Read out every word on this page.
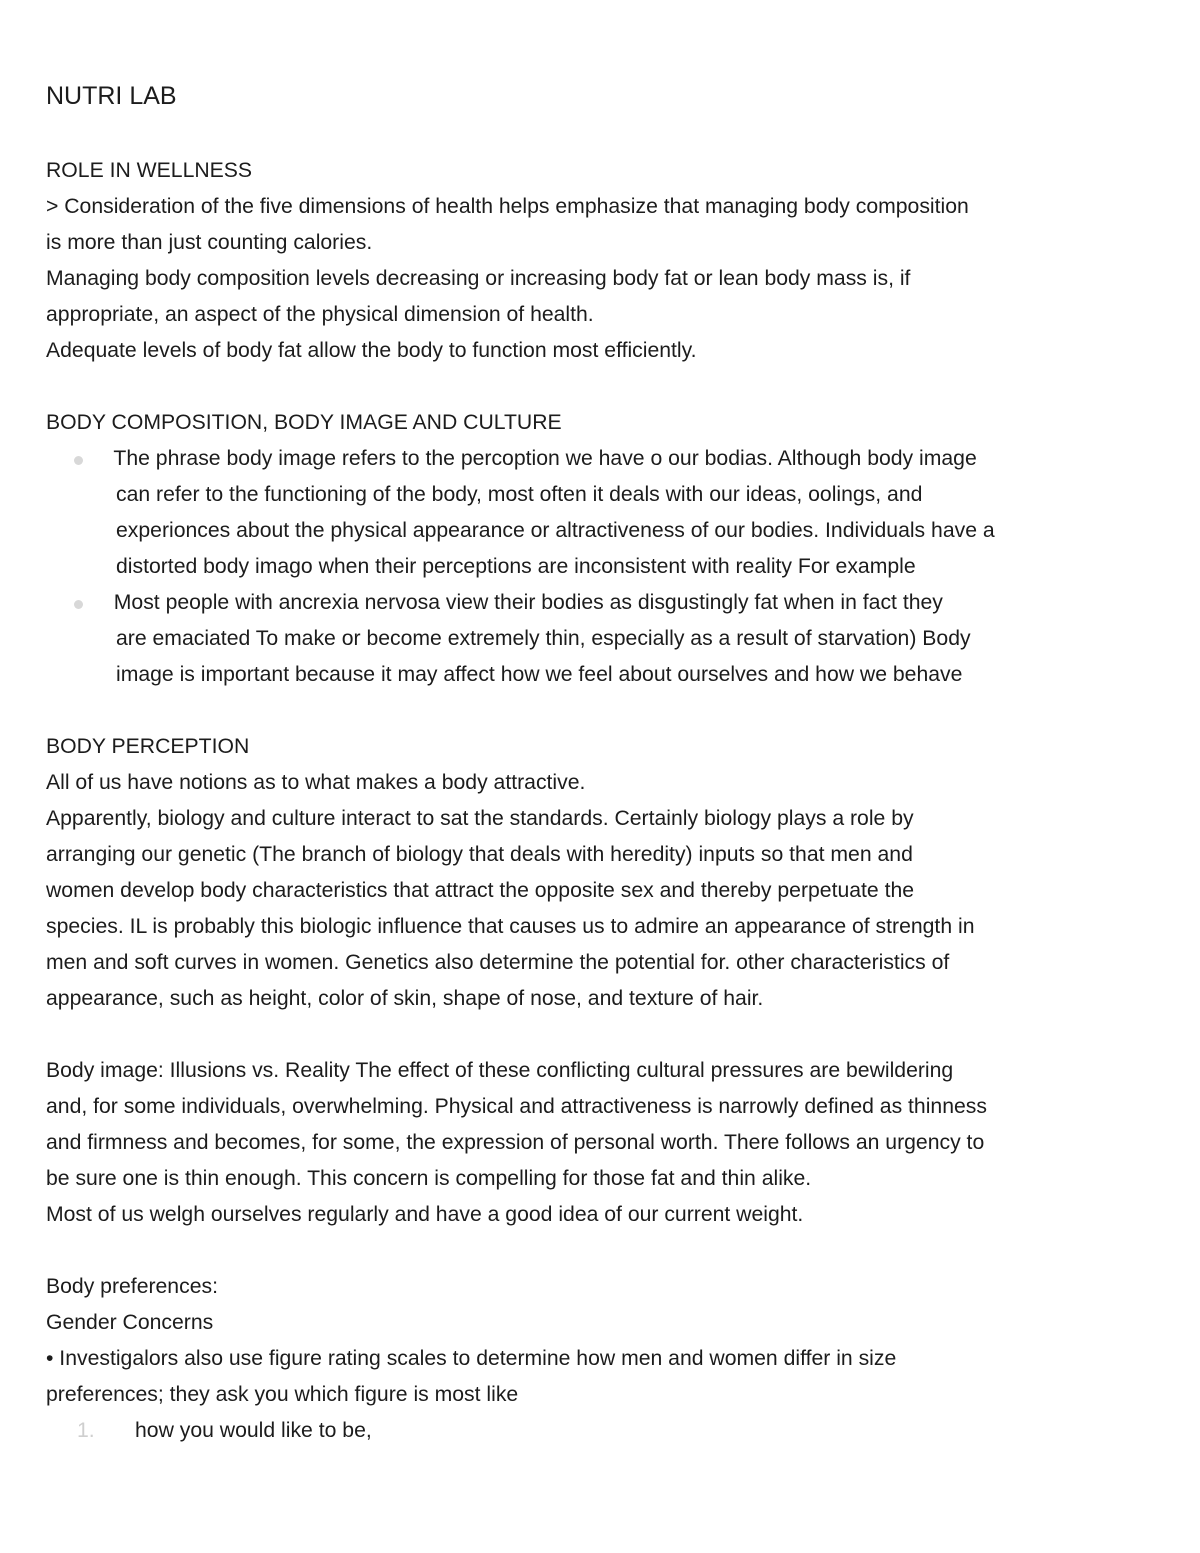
NUTRI LAB
ROLE IN WELLNESS
> Consideration of the five dimensions of health helps emphasize that managing body composition
is more than just counting calories.
Managing body composition levels decreasing or increasing body fat or lean body mass is, if
appropriate, an aspect of the physical dimension of health.
Adequate levels of body fat allow the body to function most efficiently.
BODY COMPOSITION, BODY IMAGE AND CULTURE
The phrase body image refers to the percoption we have o our bodias. Although body image
can refer to the functioning of the body, most often it deals with our ideas, oolings, and
experionces about the physical appearance or altractiveness of our bodies. Individuals have a
distorted body imago when their perceptions are inconsistent with reality For example
Most people with ancrexia nervosa view their bodies as disgustingly fat when in fact they
are emaciated To make or become extremely thin, especially as a result of starvation) Body
image is important because it may affect how we feel about ourselves and how we behave
BODY PERCEPTION
All of us have notions as to what makes a body attractive.
Apparently, biology and culture interact to sat the standards. Certainly biology plays a role by
arranging our genetic (The branch of biology that deals with heredity) inputs so that men and
women develop body characteristics that attract the opposite sex and thereby perpetuate the
species. IL is probably this biologic influence that causes us to admire an appearance of strength in
men and soft curves in women. Genetics also determine the potential for. other characteristics of
appearance, such as height, color of skin, shape of nose, and texture of hair.
Body image: Illusions vs. Reality The effect of these conflicting cultural pressures are bewildering
and, for some individuals, overwhelming. Physical and attractiveness is narrowly defined as thinness
and firmness and becomes, for some, the expression of personal worth. There follows an urgency to
be sure one is thin enough. This concern is compelling for those fat and thin alike.
Most of us welgh ourselves regularly and have a good idea of our current weight.
Body preferences:
Gender Concerns
• Investigalors also use figure rating scales to determine how men and women differ in size
preferences; they ask you which figure is most like
1. how you would like to be,
